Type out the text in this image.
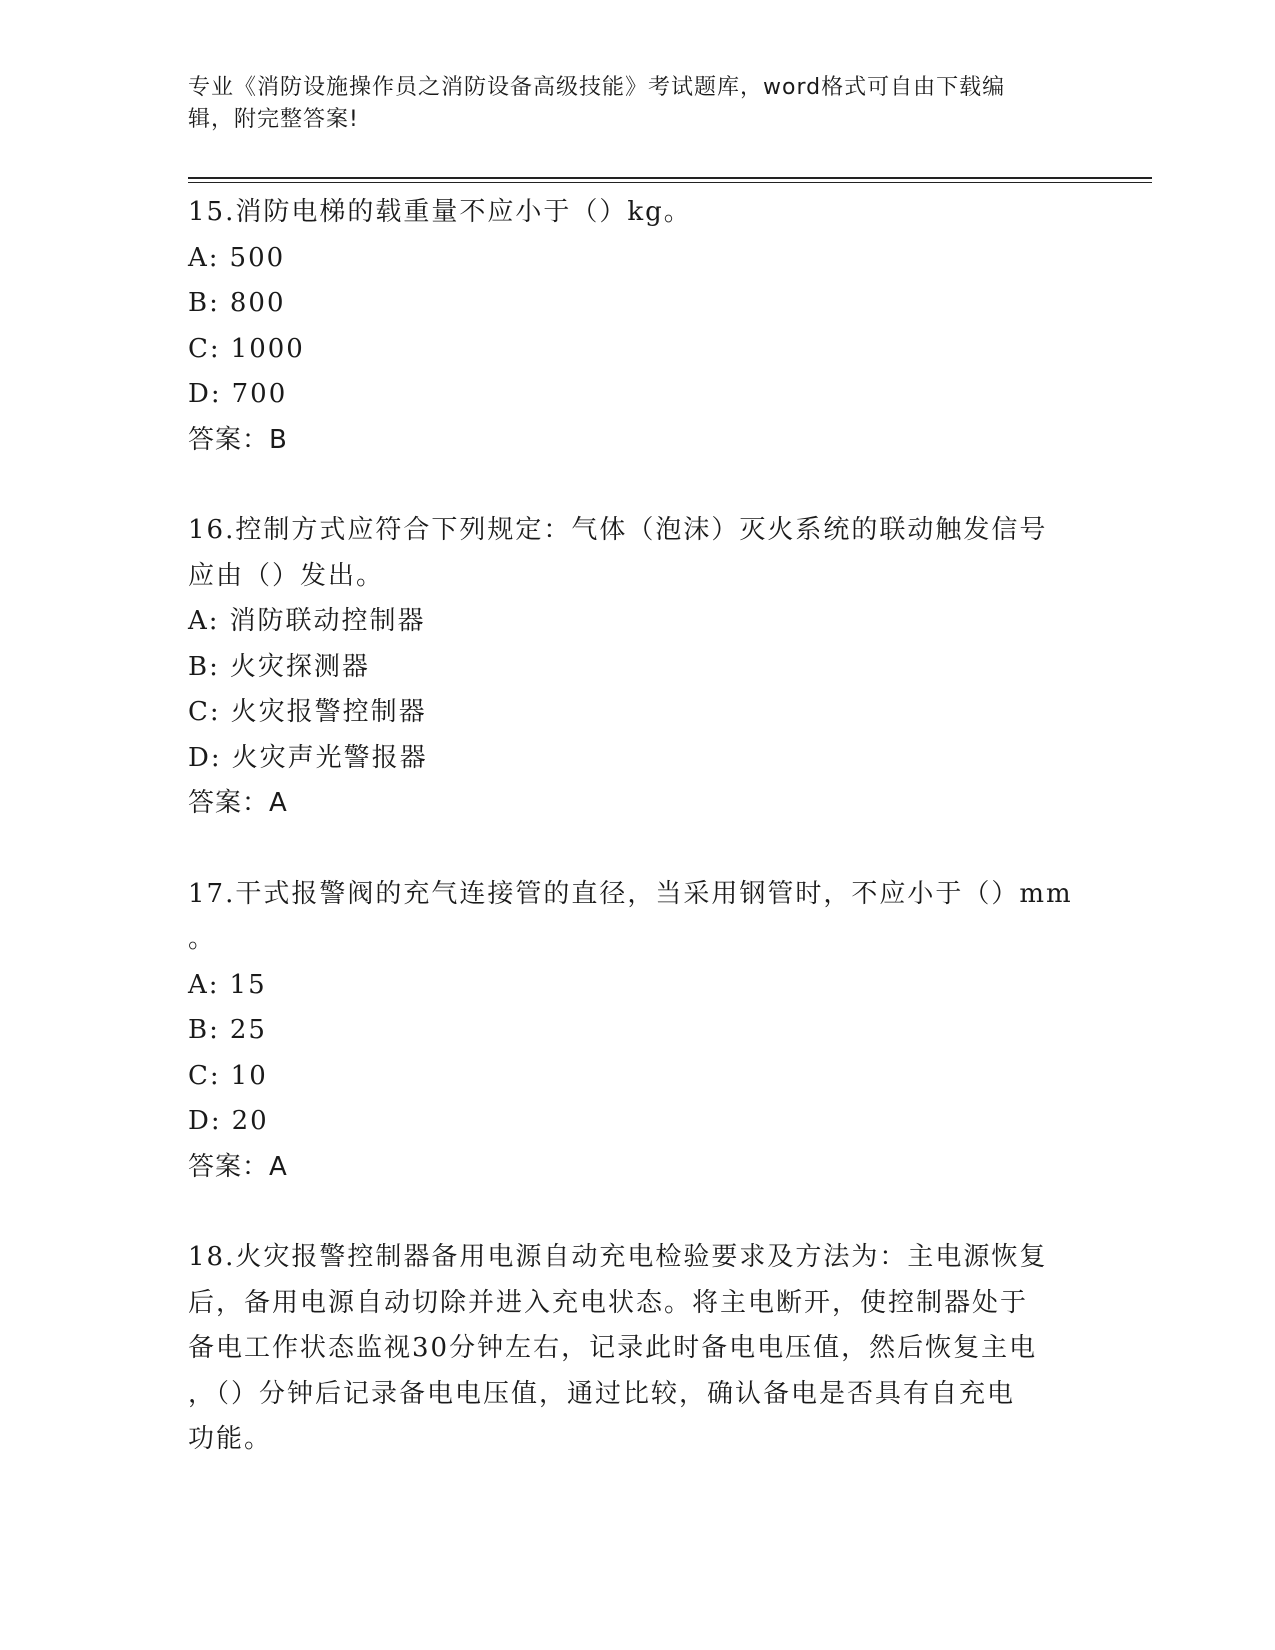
专业《消防设施操作员之消防设备高级技能》考试题库，word格式可自由下载编
辑，附完整答案!
15.消防电梯的载重量不应小于（）kg。
A: 500
B: 800
C: 1000
D: 700
答案：B
16.控制方式应符合下列规定：气体（泡沫）灭火系统的联动触发信号
应由（）发出。
A: 消防联动控制器
B: 火灾探测器
C: 火灾报警控制器
D: 火灾声光警报器
答案：A
17.干式报警阀的充气连接管的直径，当采用钢管时，不应小于（）mm
。
A: 15
B: 25
C: 10
D: 20
答案：A
18.火灾报警控制器备用电源自动充电检验要求及方法为：主电源恢复
后，备用电源自动切除并进入充电状态。将主电断开，使控制器处于
备电工作状态监视30分钟左右，记录此时备电电压值，然后恢复主电
，（）分钟后记录备电电压值，通过比较，确认备电是否具有自充电
功能。
